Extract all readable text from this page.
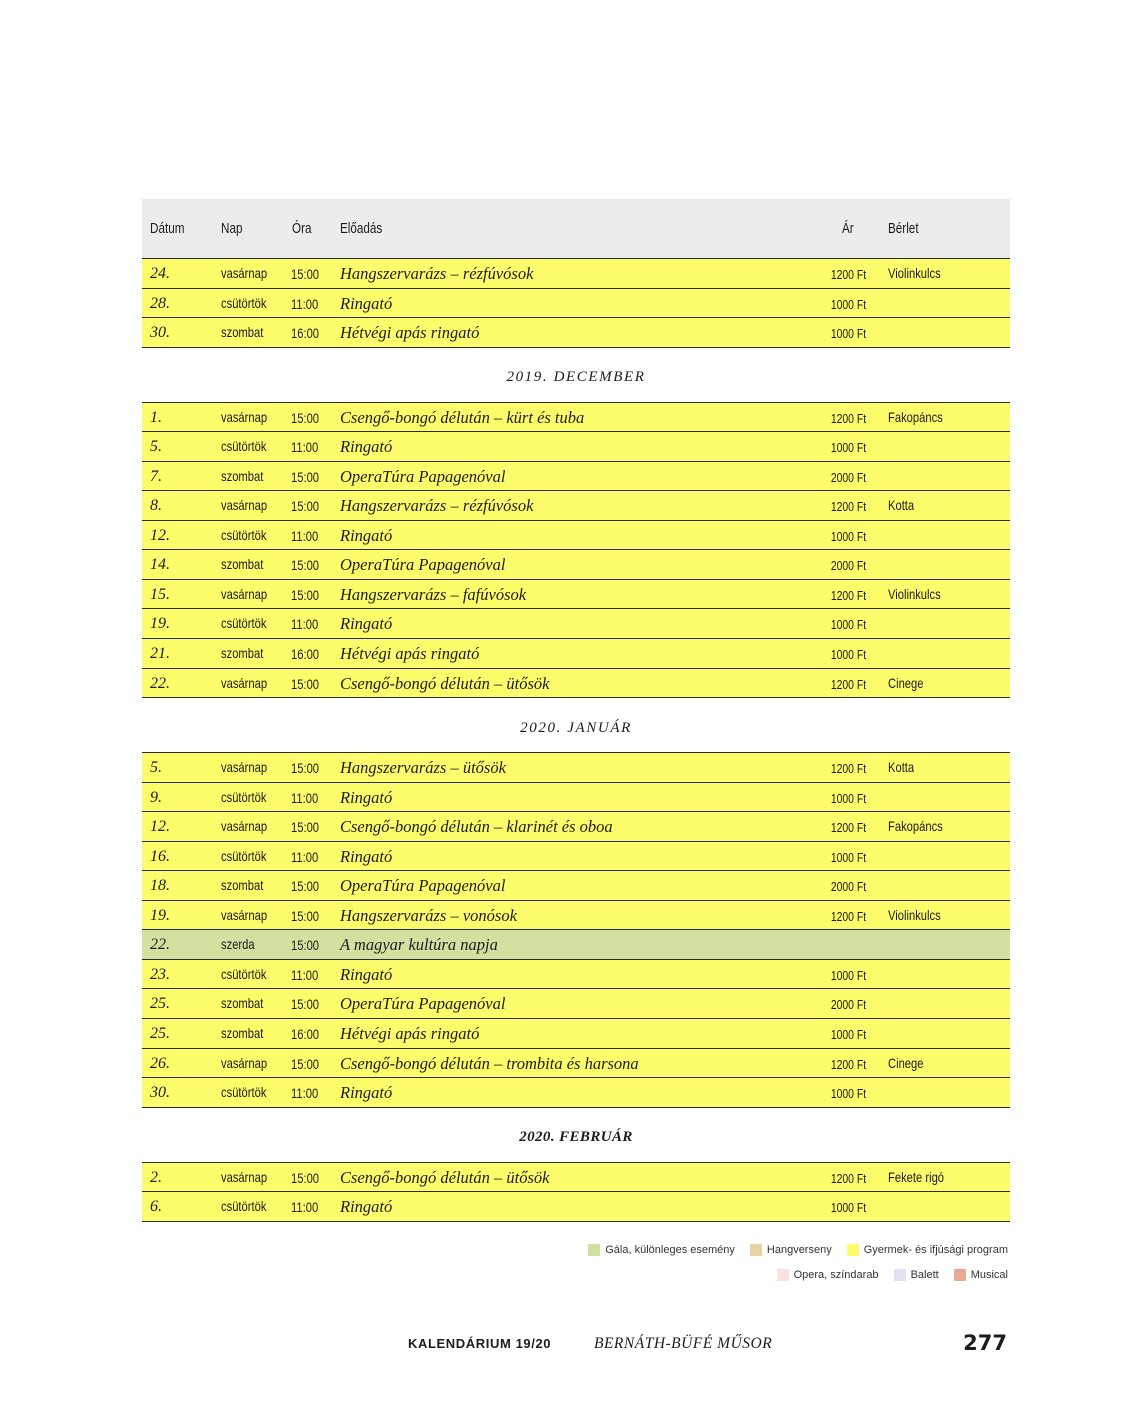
Dátum Nap	Óra Előadás	Ár Bérlet
24.	vasárnap 15:00 Hangszervarázs – rézfúvósok	1200 Ft Violinkulcs
28.	csütörtök 11:00 Ringató	1000 Ft
30.	szombat 16:00 Hétvégi apás ringató	1000 Ft
2019. DECEMBER
1.	vasárnap 15:00 Csengő-bongó délután – kürt és tuba	1200 Ft Fakopáncs
5.	csütörtök 11:00 Ringató	1000 Ft
7.	szombat 15:00 OperaTúra Papagenóval	2000 Ft
8.	vasárnap 15:00 Hangszervarázs – rézfúvósok	1200 Ft Kotta
12.	csütörtök 11:00 Ringató	1000 Ft
14.	szombat 15:00 OperaTúra Papagenóval	2000 Ft
15.	vasárnap 15:00 Hangszervarázs – fafúvósok	1200 Ft Violinkulcs
19.	csütörtök 11:00 Ringató	1000 Ft
21.	szombat 16:00 Hétvégi apás ringató	1000 Ft
22.	vasárnap 15:00 Csengő-bongó délután – ütősök	1200 Ft Cinege
2020. JANUÁR
5.	vasárnap 15:00 Hangszervarázs – ütősök	1200 Ft Kotta
9.	csütörtök 11:00 Ringató	1000 Ft
12.	vasárnap 15:00 Csengő-bongó délután – klarinét és oboa	1200 Ft Fakopáncs
16.	csütörtök 11:00 Ringató	1000 Ft
18.	szombat 15:00 OperaTúra Papagenóval	2000 Ft
19.	vasárnap 15:00 Hangszervarázs – vonósok	1200 Ft Violinkulcs
22.	szerda	15:00 A magyar kultúra napja
23.	csütörtök 11:00 Ringató	1000 Ft
25.	szombat 15:00 OperaTúra Papagenóval	2000 Ft
25.	szombat 16:00 Hétvégi apás ringató	1000 Ft
26.	vasárnap 15:00 Csengő-bongó délután – trombita és harsona	1200 Ft Cinege
30.	csütörtök 11:00 Ringató	1000 Ft
2020. FEBRUÁR
2.	vasárnap 15:00 Csengő-bongó délután – ütősök	1200 Ft Fekete rigó
6.	csütörtök 11:00 Ringató	1000 Ft
Gála, különleges esemény	Hangverseny	Gyermek- és ifjúsági program
Opera, színdarab	Balett	Musical
KALENDÁRIUM 19/20	BERNÁTH-BÜFÉ MŰSOR	277
